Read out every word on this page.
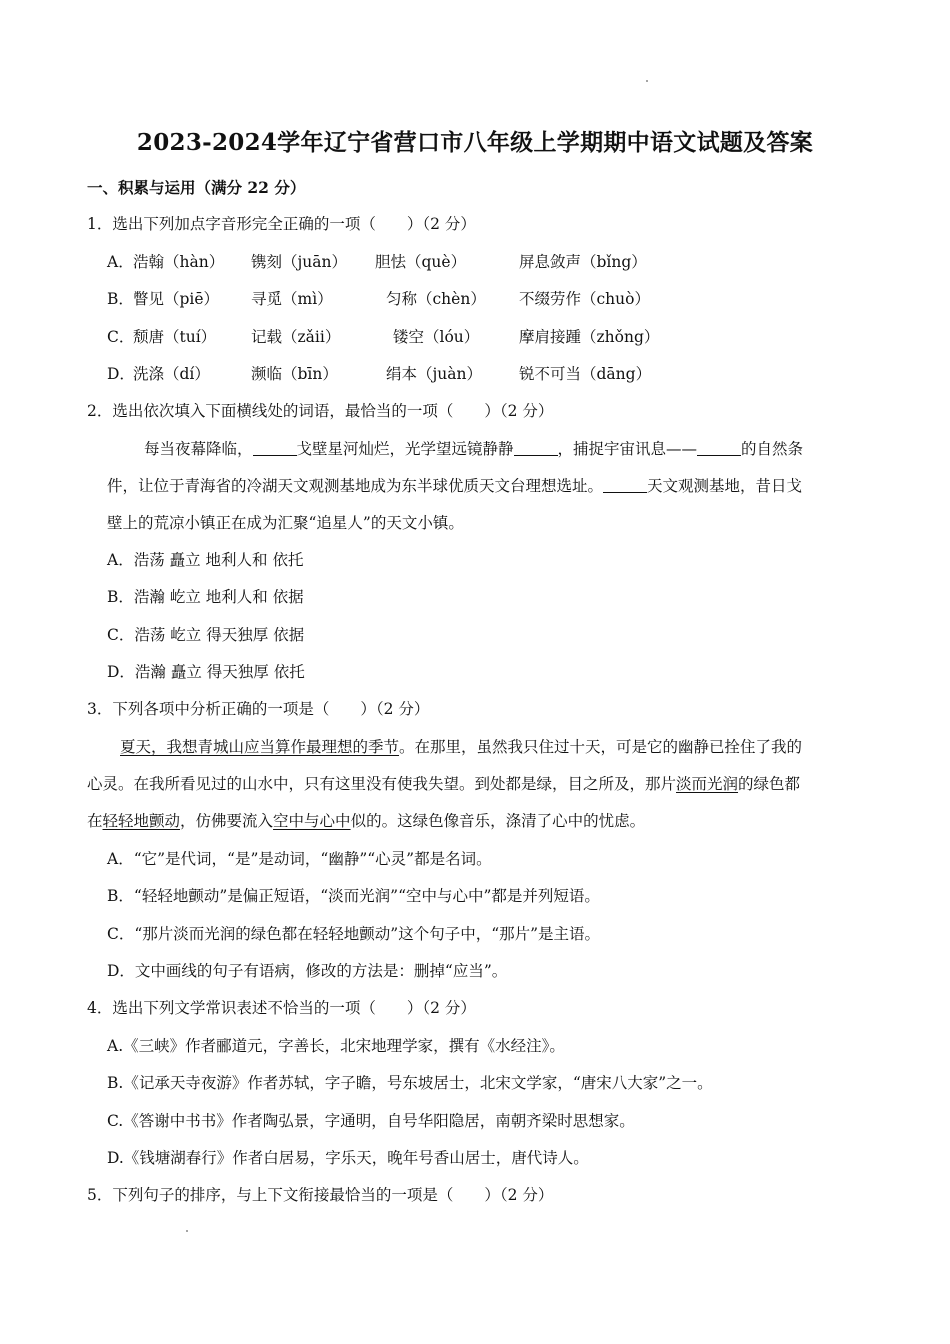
2023-2024学年辽宁省营口市八年级上学期期中语文试题及答案
一、积累与运用（满分 22 分）
1．选出下列加点字音形完全正确的一项（　　）（2 分）
A． 浩翰（hàn） 镌刻（juān） 胆怯（què）	屏息敛声（bǐng）
B． 瞥见（piē） 寻觅（mì）	匀称（chèn） 不缀劳作（chuò）
C．
颓唐（tuí） 记载（zǎii）	镂空（lóu）	摩肩接踵（zhǒng）
D．
洗涤（dí）	濒临（bīn）	绢本（juàn） 锐不可当（dāng）
2．选出依次填入下面横线处的词语，最恰当的一项（　　）（2 分）
每当夜幕降临，	戈壁星河灿烂，光学望远镜静静	，捕捉宇宙讯息——	的自然条
件，让位于青海省的冷湖天文观测基地成为东半球优质天文台理想选址。	天文观测基地，昔日戈
壁上的荒凉小镇正在成为汇聚“追星人”的天文小镇。
A．浩荡 矗立 地利人和 依托
B．浩瀚 屹立 地利人和 依据
C．浩荡 屹立 得天独厚 依据
D．浩瀚 矗立 得天独厚 依托
3．下列各项中分析正确的一项是（　　）（2 分）
夏天，我想青城山应当算作最理想的季节。在那里，虽然我只住过十天，可是它的幽静已拴住了我的
心灵。在我所看见过的山水中，只有这里没有使我失望。到处都是绿，目之所及，那片淡而光润的绿色都
在轻轻地颤动，仿佛要流入空中与心中似的。这绿色像音乐，涤清了心中的忧虑。
A．“它”是代词，“是”是动词，“幽静”“心灵”都是名词。
B．“轻轻地颤动”是偏正短语，“淡而光润”“空中与心中”都是并列短语。
C．“那片淡而光润的绿色都在轻轻地颤动”这个句子中，“那片”是主语。
D．文中画线的句子有语病，修改的方法是：删掉“应当”。
4．选出下列文学常识表述不恰当的一项（　　）（2 分）
A.《三峡》作者郦道元，字善长，北宋地理学家，撰有《水经注》。
B.《记承天寺夜游》作者苏轼，字子瞻，号东坡居士，北宋文学家，“唐宋八大家”之一。
C.《答谢中书书》作者陶弘景，字通明，自号华阳隐居，南朝齐梁时思想家。
D.《钱塘湖春行》作者白居易，字乐天，晚年号香山居士，唐代诗人。
5．下列句子的排序，与上下文衔接最恰当的一项是（　　）（2 分）
